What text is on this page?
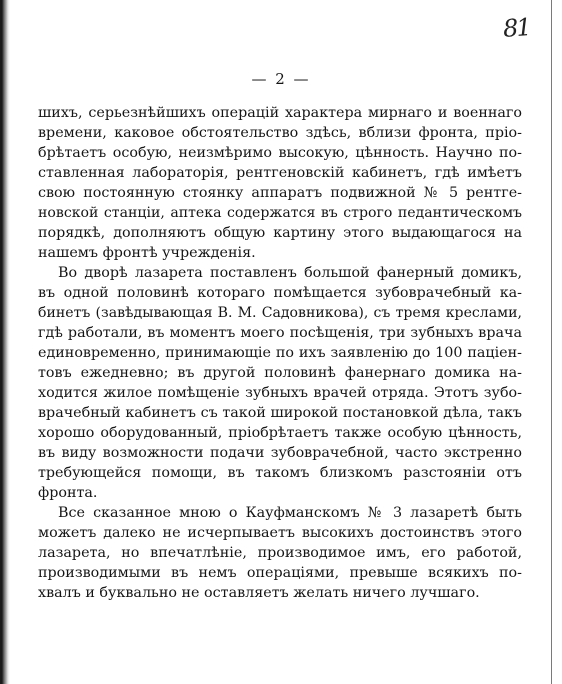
81
— 2 —
шихъ, серьезнѣйшихъ операцій характера мирнаго и военнаго
времени, каковое обстоятельство здѣсь, вблизи фронта, прiо-
брѣтаетъ особую, неизмѣримо высокую, цѣнность. Научно по-
ставленная лабораторія, рентгеновскій кабинетъ, гдѣ имѣетъ
свою постоянную стоянку аппаратъ подвижной № 5 рентге-
новской станціи, аптека содержатся въ строго педантическомъ
порядкѣ, дополняютъ общую картину этого выдающагося на
нашемъ фронтѣ учрежденія.
Во дворѣ лазарета поставленъ большой фанерный домикъ,
въ одной половинѣ котораго помѣщается зубоврачебный ка-
бинетъ (завѣдывающая В. М. Садовникова), съ тремя креслами,
гдѣ работали, въ моментъ моего посѣщенія, три зубныхъ врача
единовременно, принимающіе по ихъ заявленію до 100 паціен-
товъ ежедневно; въ другой половинѣ фанернаго домика на-
ходится жилое помѣщеніе зубныхъ врачей отряда. Этотъ зубо-
врачебный кабинетъ съ такой широкой постановкой дѣла, такъ
хорошо оборудованный, пріобрѣтаетъ также особую цѣнность,
въ виду возможности подачи зубоврачебной, часто экстренно
требующейся помощи, въ такомъ близкомъ разстояніи отъ
фронта.
Все сказанное мною о Кауфманскомъ № 3 лазаретѣ быть
можетъ далеко не исчерпываетъ высокихъ достоинствъ этого
лазарета, но впечатлѣніе, производимое имъ, его работой,
производимыми въ немъ операціями, превыше всякихъ по-
хвалъ и буквально не оставляетъ желать ничего лучшаго.
